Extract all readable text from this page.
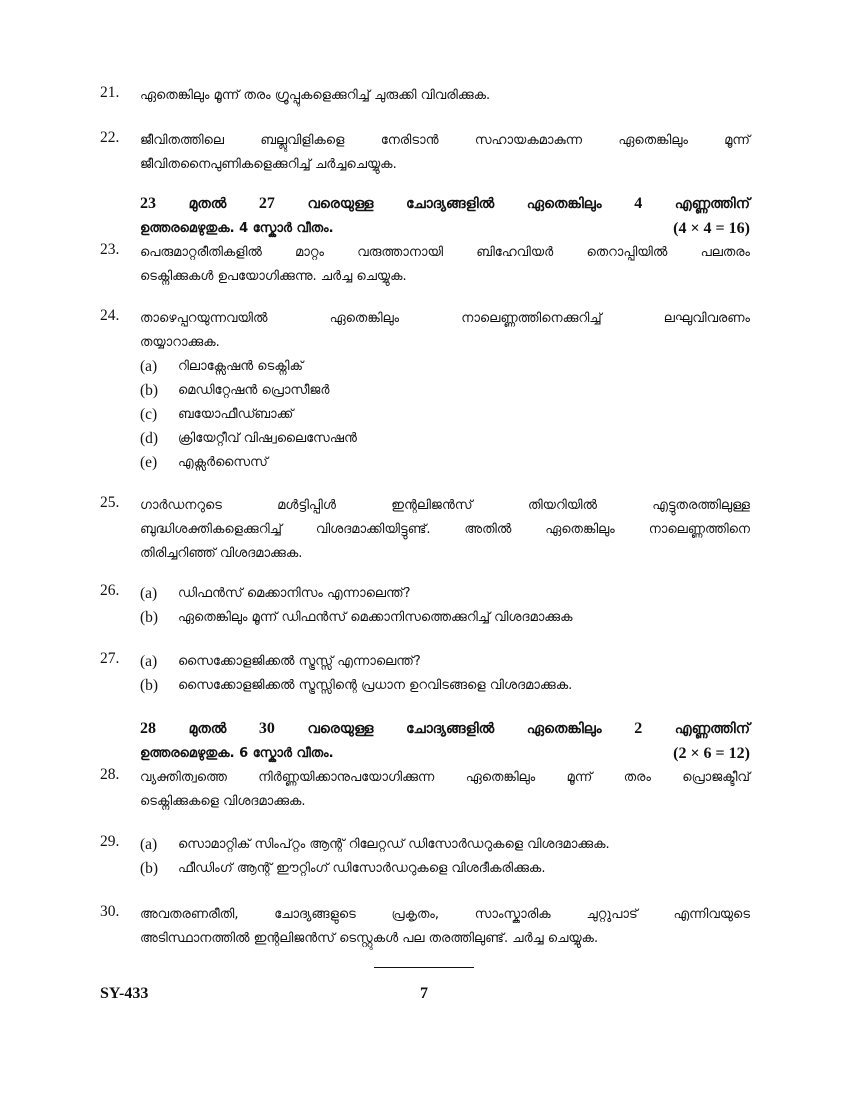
21.	ഏതെങ്കിലും മൂന്ന് തരം ഗ്രൂപ്പുകളെക്കുറിച്ച് ചുരുക്കി വിവരിക്കുക.
22.	ജീവിതത്തിലെ ബല്ലുവിളികളെ നേരിടാൻ സഹായകമാകുന്ന ഏതെങ്കിലും മൂന്ന്
ജീവിതനൈപുണികളെക്കുറിച്ച് ചർച്ചചെയ്യുക.
23 മുതൽ 27 വരെയുള്ള ചോദ്യങ്ങളിൽ ഏതെങ്കിലും 4 എണ്ണത്തിന്
ഉത്തരമെഴുതുക. 4 സ്കോർ വീതം.	(4 × 4 = 16)
23.	പെരുമാറ്റരീതികളിൽ മാറ്റം വരുത്താനായി ബിഹേവിയർ തെറാപ്പിയിൽ പലതരം
ടെക്നിക്കുകൾ ഉപയോഗിക്കുന്നു. ചർച്ച ചെയ്യുക.
24.	താഴെപ്പറയുന്നവയിൽ ഏതെങ്കിലും നാലെണ്ണത്തിനെക്കുറിച്ച് ലഘുവിവരണം
തയ്യാറാക്കുക.
(a) റിലാക്സേഷൻ ടെക്നിക്
(b) മെഡിറ്റേഷൻ പ്രൊസീജർ
(c) ബയോഫീഡ്ബാക്ക്
(d) ക്രിയേറ്റീവ് വിഷ്വലൈസേഷൻ
(e) എക്സർസൈസ്
25.	ഗാർഡനറുടെ മൾട്ടിപ്പിൾ ഇന്റലിജൻസ് തിയറിയിൽ എട്ടുതരത്തിലുള്ള
ബുദ്ധിശക്തികളെക്കുറിച്ച് വിശദമാക്കിയിട്ടുണ്ട്. അതിൽ ഏതെങ്കിലും നാലെണ്ണത്തിനെ
തിരിച്ചറിഞ്ഞ് വിശദമാക്കുക.
26.	(a) ഡിഫൻസ് മെക്കാനിസം എന്നാലെന്ത്?
(b) ഏതെങ്കിലും മൂന്ന് ഡിഫൻസ് മെക്കാനിസത്തെക്കുറിച്ച് വിശദമാക്കുക
27.	(a) സൈക്കോളജിക്കൽ സ്ട്രസ്സ് എന്നാലെന്ത്?
(b) സൈക്കോളജിക്കൽ സ്ട്രസ്സിന്റെ പ്രധാന ഉറവിടങ്ങളെ വിശദമാക്കുക.
28 മുതൽ 30 വരെയുള്ള ചോദ്യങ്ങളിൽ ഏതെങ്കിലും 2 എണ്ണത്തിന്
ഉത്തരമെഴുതുക. 6 സ്കോർ വീതം.	(2 × 6 = 12)
28.	വ്യക്തിത്വത്തെ നിർണ്ണയിക്കാനുപയോഗിക്കുന്ന ഏതെങ്കിലും മൂന്ന് തരം പ്രൊജക്ടീവ്
ടെക്നിക്കുകളെ വിശദമാക്കുക.
29.	(a) സൊമാറ്റിക് സിംപ്റ്റം ആന്റ് റിലേറ്റഡ് ഡിസോർഡറുകളെ വിശദമാക്കുക.
(b) ഫീഡിംഗ് ആന്റ് ഈറ്റിംഗ് ഡിസോർഡറുകളെ വിശദീകരിക്കുക.
30.	അവതരണരീതി, ചോദ്യങ്ങളുടെ പ്രകൃതം, സാംസ്കാരിക ചുറ്റുപാട് എന്നിവയുടെ
അടിസ്ഥാനത്തിൽ ഇന്റലിജൻസ് ടെസ്റ്റുകൾ പല തരത്തിലുണ്ട്. ചർച്ച ചെയ്യുക.
SY-433	7
